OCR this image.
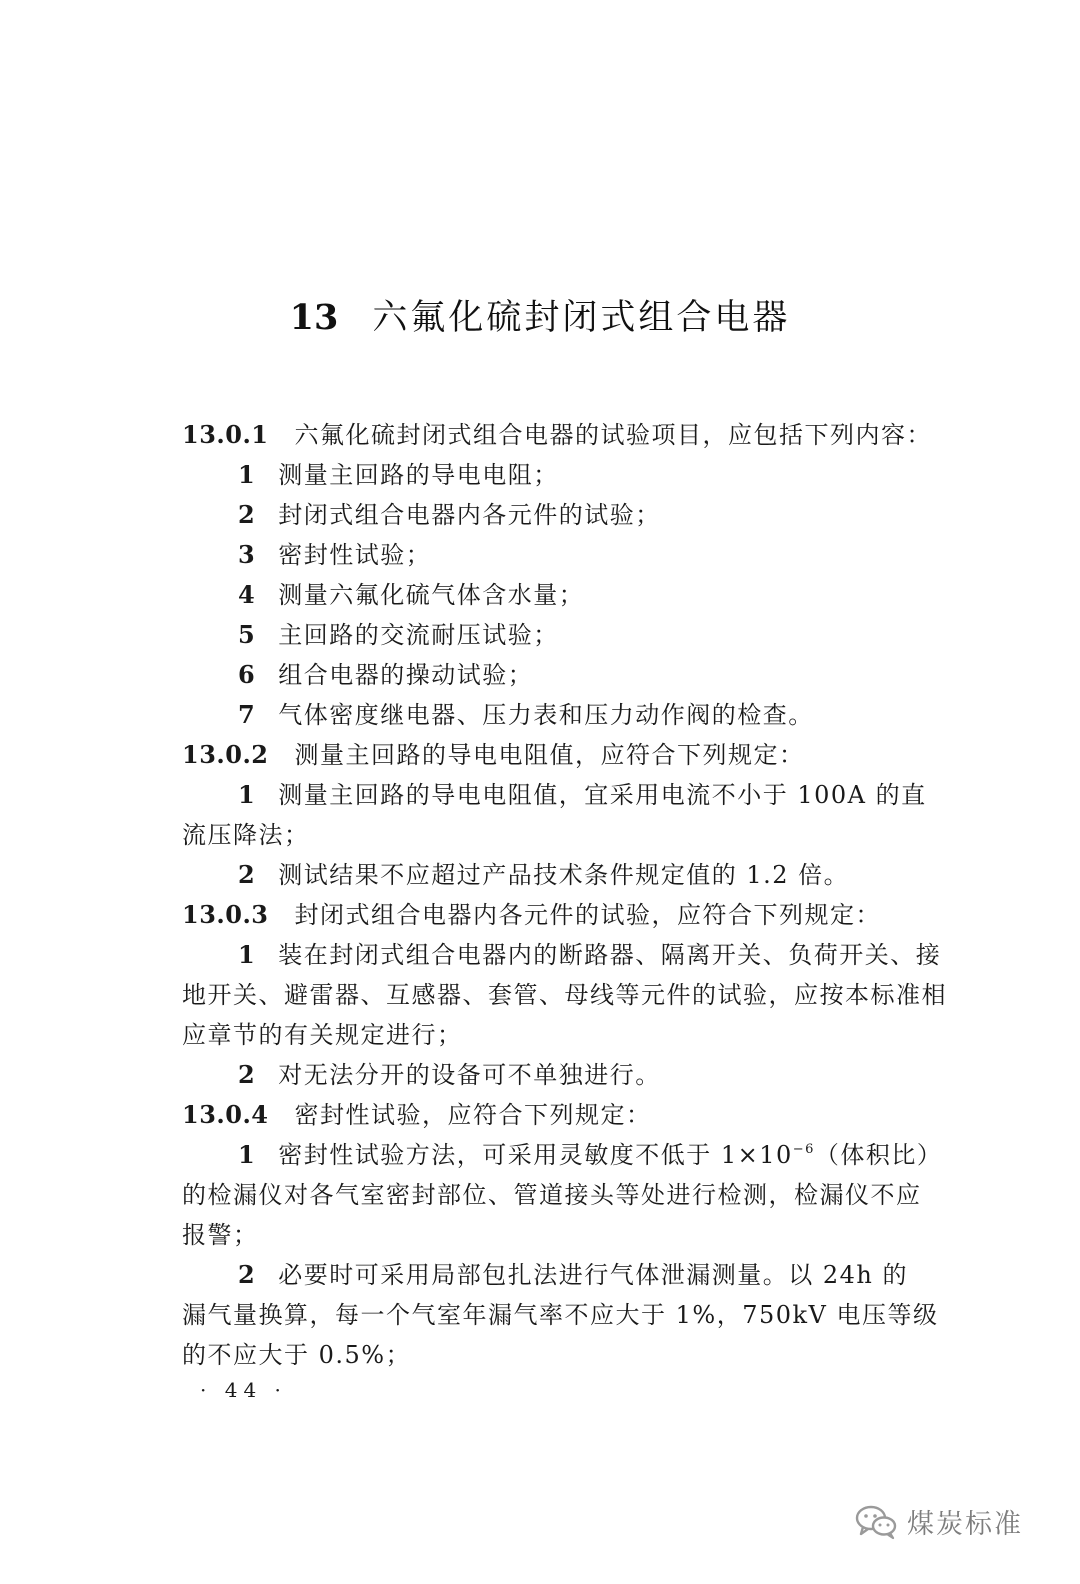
13 六氟化硫封闭式组合电器
13.0.1 六氟化硫封闭式组合电器的试验项目，应包括下列内容：
1 测量主回路的导电电阻；
2 封闭式组合电器内各元件的试验；
3 密封性试验；
4 测量六氟化硫气体含水量；
5 主回路的交流耐压试验；
6 组合电器的操动试验；
7 气体密度继电器、压力表和压力动作阀的检查。
13.0.2 测量主回路的导电电阻值，应符合下列规定：
1 测量主回路的导电电阻值，宜采用电流不小于 100A 的直
流压降法；
2 测试结果不应超过产品技术条件规定值的 1.2 倍。
13.0.3 封闭式组合电器内各元件的试验，应符合下列规定：
1 装在封闭式组合电器内的断路器、隔离开关、负荷开关、接
地开关、避雷器、互感器、套管、母线等元件的试验，应按本标准相
应章节的有关规定进行；
2 对无法分开的设备可不单独进行。
13.0.4 密封性试验，应符合下列规定：
1 密封性试验方法，可采用灵敏度不低于 $1\times 10^{-6}$（体积比）
的检漏仪对各气室密封部位、管道接头等处进行检测，检漏仪不应
报警；
2 必要时可采用局部包扎法进行气体泄漏测量。以 24h 的
漏气量换算，每一个气室年漏气率不应大于 1%，750kV 电压等级
的不应大于 0.5%；
· 44 ·
煤炭标准
